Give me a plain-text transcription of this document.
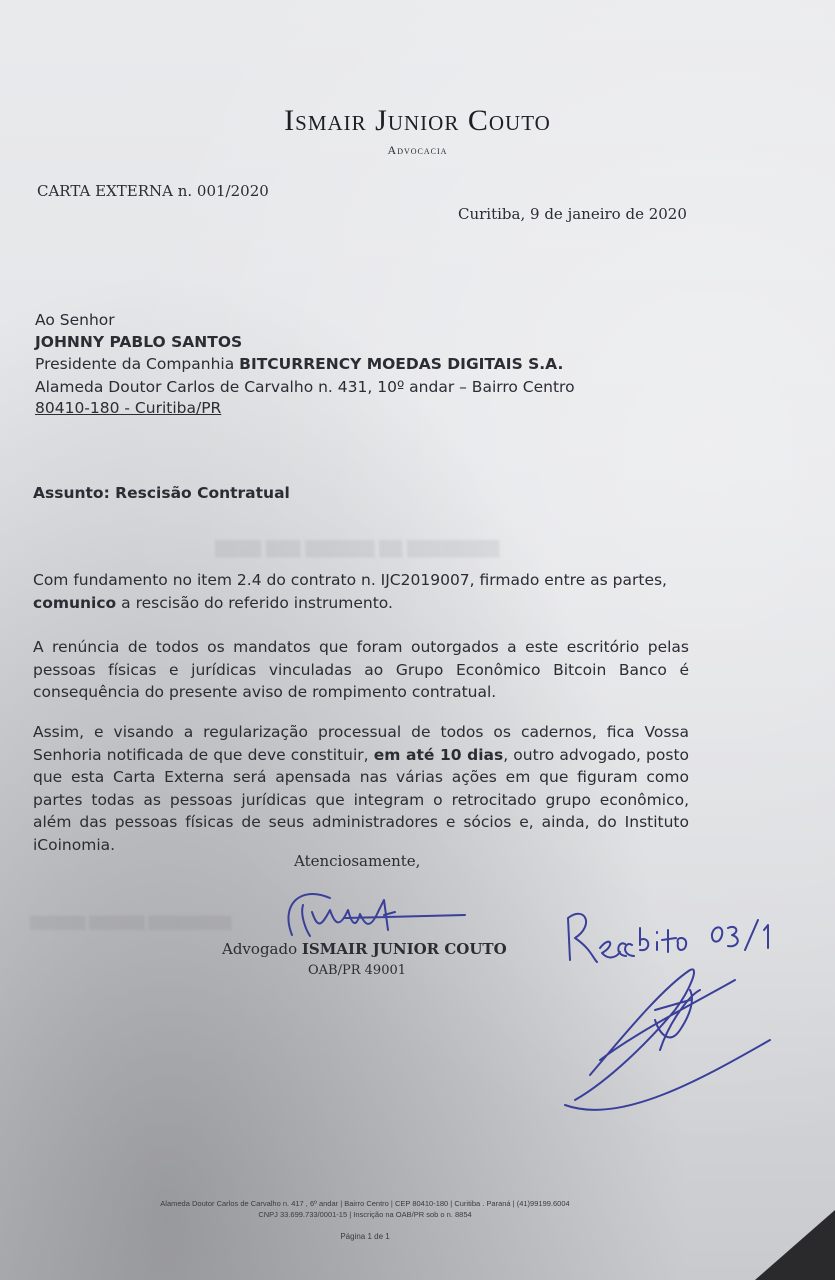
Ismair Junior Couto
Advocacia
CARTA EXTERNA n. 001/2020
Curitiba, 9 de janeiro de 2020
Ao Senhor
JOHNNY PABLO SANTOS
Presidente da Companhia BITCURRENCY MOEDAS DIGITAIS S.A.
Alameda Doutor Carlos de Carvalho n. 431, 10º andar – Bairro Centro
80410-180 - Curitiba/PR
Assunto: Rescisão Contratual
▒▒▒▒ ▒▒▒ ▒▒▒▒▒▒ ▒▒ ▒▒▒▒▒▒▒▒
Com fundamento no item 2.4 do contrato n. IJC2019007, firmado entre as partes,
comunico a rescisão do referido instrumento.
A renúncia de todos os mandatos que foram outorgados a este escritório pelas pessoas físicas e jurídicas vinculadas ao Grupo Econômico Bitcoin Banco é consequência do presente aviso de rompimento contratual.
Assim, e visando a regularização processual de todos os cadernos, fica Vossa Senhoria notificada de que deve constituir, em até 10 dias, outro advogado, posto que esta Carta Externa será apensada nas várias ações em que figuram como partes todas as pessoas jurídicas que integram o retrocitado grupo econômico, além das pessoas físicas de seus administradores e sócios e, ainda, do Instituto iCoinomia.
Atenciosamente,
▒▒▒▒▒▒ ▒▒▒▒▒▒ ▒▒▒▒▒▒▒▒▒
Advogado ISMAIR JUNIOR COUTO
OAB/PR 49001
Alameda Doutor Carlos de Carvalho n. 417 , 6º andar | Bairro Centro | CEP 80410-180 | Curitiba . Paraná | (41)99199.6004
CNPJ 33.699.733/0001-15 | Inscrição na OAB/PR sob o n. 8854
Página 1 de 1
